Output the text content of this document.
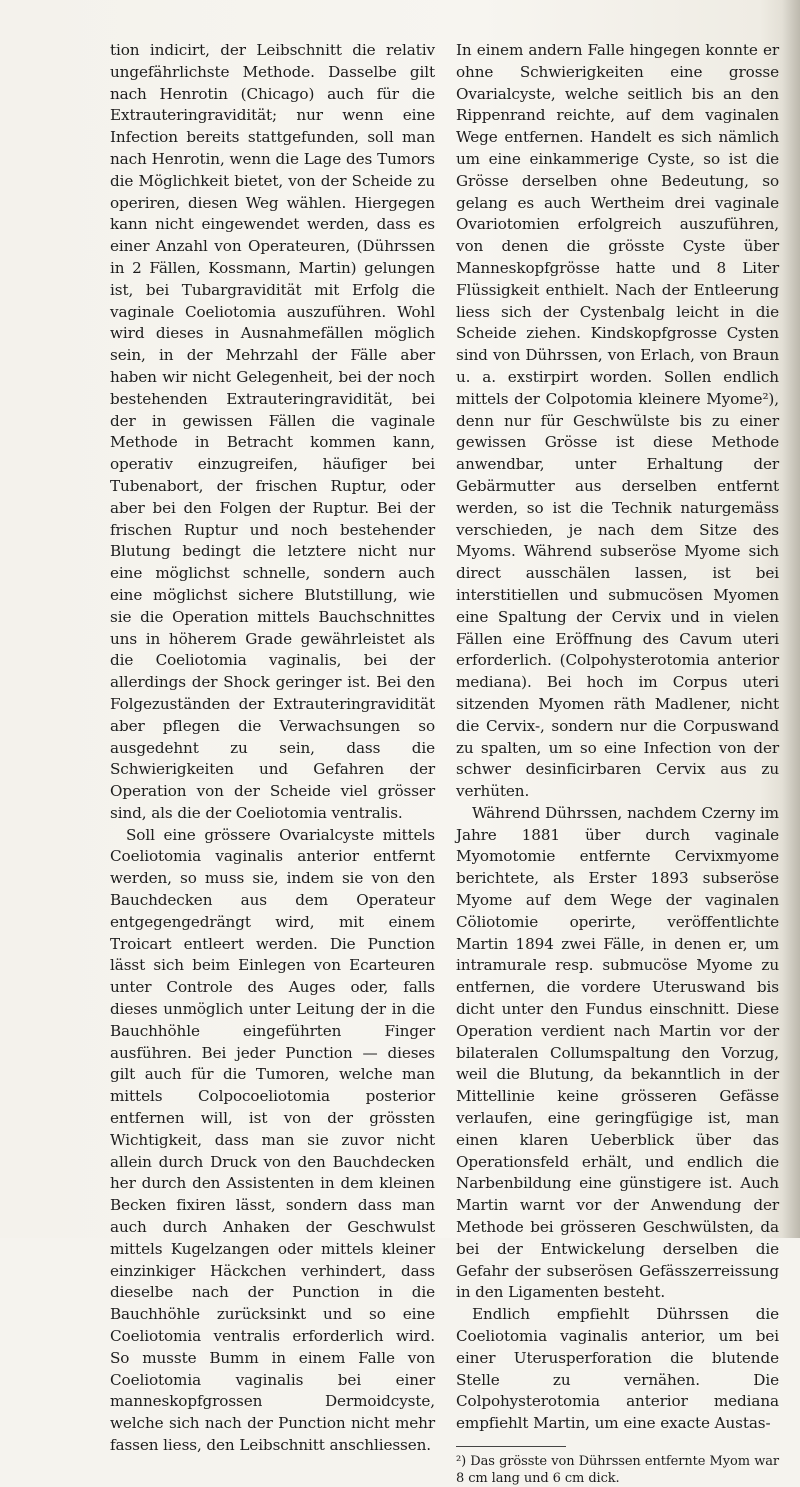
tion indicirt, der Leibschnitt die relativ ungefährlichste Methode. Dasselbe gilt nach Henrotin (Chicago) auch für die Extrauteringravidität; nur wenn eine Infection bereits stattgefunden, soll man nach Henrotin, wenn die Lage des Tumors die Möglichkeit bietet, von der Scheide zu operiren, diesen Weg wählen. Hiergegen kann nicht eingewendet werden, dass es einer Anzahl von Operateuren, (Dührssen in 2 Fällen, Kossmann, Martin) gelungen ist, bei Tubargravidität mit Erfolg die vaginale Coeliotomia auszuführen. Wohl wird dieses in Ausnahmefällen möglich sein, in der Mehrzahl der Fälle aber haben wir nicht Gelegenheit, bei der noch bestehenden Extrauteringravidität, bei der in gewissen Fällen die vaginale Methode in Betracht kommen kann, operativ einzugreifen, häufiger bei Tubenabort, der frischen Ruptur, oder aber bei den Folgen der Ruptur. Bei der frischen Ruptur und noch bestehender Blutung bedingt die letztere nicht nur eine möglichst schnelle, sondern auch eine möglichst sichere Blutstillung, wie sie die Operation mittels Bauchschnittes uns in höherem Grade gewährleistet als die Coeliotomia vaginalis, bei der allerdings der Shock geringer ist. Bei den Folgezuständen der Extrauteringravidität aber pflegen die Verwachsungen so ausgedehnt zu sein, dass die Schwierigkeiten und Gefahren der Operation von der Scheide viel grösser sind, als die der Coeliotomia ventralis.

Soll eine grössere Ovarialcyste mittels Coeliotomia vaginalis anterior entfernt werden, so muss sie, indem sie von den Bauchdecken aus dem Operateur entgegengedrängt wird, mit einem Troicart entleert werden. Die Punction lässt sich beim Einlegen von Ecarteuren unter Controle des Auges oder, falls dieses unmöglich unter Leitung der in die Bauchhöhle eingeführten Finger ausführen. Bei jeder Punction — dieses gilt auch für die Tumoren, welche man mittels Colpocoeliotomia posterior entfernen will, ist von der grössten Wichtigkeit, dass man sie zuvor nicht allein durch Druck von den Bauchdecken her durch den Assistenten in dem kleinen Becken fixiren lässt, sondern dass man auch durch Anhaken der Geschwulst mittels Kugelzangen oder mittels kleiner einzinkiger Häckchen verhindert, dass dieselbe nach der Punction in die Bauchhöhle zurücksinkt und so eine Coeliotomia ventralis erforderlich wird. So musste Bumm in einem Falle von Coeliotomia vaginalis bei einer manneskopfgrossen Dermoidcyste, welche sich nach der Punction nicht mehr fassen liess, den Leibschnitt anschliessen.

In einem andern Falle hingegen konnte er ohne Schwierigkeiten eine grosse Ovarialcyste, welche seitlich bis an den Rippenrand reichte, auf dem vaginalen Wege entfernen. Handelt es sich nämlich um eine einkammerige Cyste, so ist die Grösse derselben ohne Bedeutung, so gelang es auch Wertheim drei vaginale Ovariotomien erfolgreich auszuführen, von denen die grösste Cyste über Manneskopfgrösse hatte und 8 Liter Flüssigkeit enthielt. Nach der Entleerung liess sich der Cystenbalg leicht in die Scheide ziehen. Kindskopfgrosse Cysten sind von Dührssen, von Erlach, von Braun u. a. exstirpirt worden. Sollen endlich mittels der Colpotomia kleinere Myome²), denn nur für Geschwülste bis zu einer gewissen Grösse ist diese Methode anwendbar, unter Erhaltung der Gebärmutter aus derselben entfernt werden, so ist die Technik naturgemäss verschieden, je nach dem Sitze des Myoms. Während subseröse Myome sich direct ausschälen lassen, ist bei interstitiellen und submucösen Myomen eine Spaltung der Cervix und in vielen Fällen eine Eröffnung des Cavum uteri erforderlich. (Colpohysterotomia anterior mediana). Bei hoch im Corpus uteri sitzenden Myomen räth Madlener, nicht die Cervix-, sondern nur die Corpuswand zu spalten, um so eine Infection von der schwer desinficirbaren Cervix aus zu verhüten.

Während Dührssen, nachdem Czerny im Jahre 1881 über durch vaginale Myomotomie entfernte Cervixmyome berichtete, als Erster 1893 subseröse Myome auf dem Wege der vaginalen Cöliotomie operirte, veröffentlichte Martin 1894 zwei Fälle, in denen er, um intramurale resp. submucöse Myome zu entfernen, die vordere Uteruswand bis dicht unter den Fundus einschnitt. Diese Operation verdient nach Martin vor der bilateralen Collumspaltung den Vorzug, weil die Blutung, da bekanntlich in der Mittellinie keine grösseren Gefässe verlaufen, eine geringfügige ist, man einen klaren Ueberblick über das Operationsfeld erhält, und endlich die Narbenbildung eine günstigere ist. Auch Martin warnt vor der Anwendung der Methode bei grösseren Geschwülsten, da bei der Entwickelung derselben die Gefahr der subserösen Gefässzerreissung in den Ligamenten besteht.

Endlich empfiehlt Dührssen die Coeliotomia vaginalis anterior, um bei einer Uterusperforation die blutende Stelle zu vernähen. Die Colpohysterotomia anterior mediana empfiehlt Martin, um eine exacte Austas-

²) Das grösste von Dührssen entfernte Myom war 8 cm lang und 6 cm dick.
